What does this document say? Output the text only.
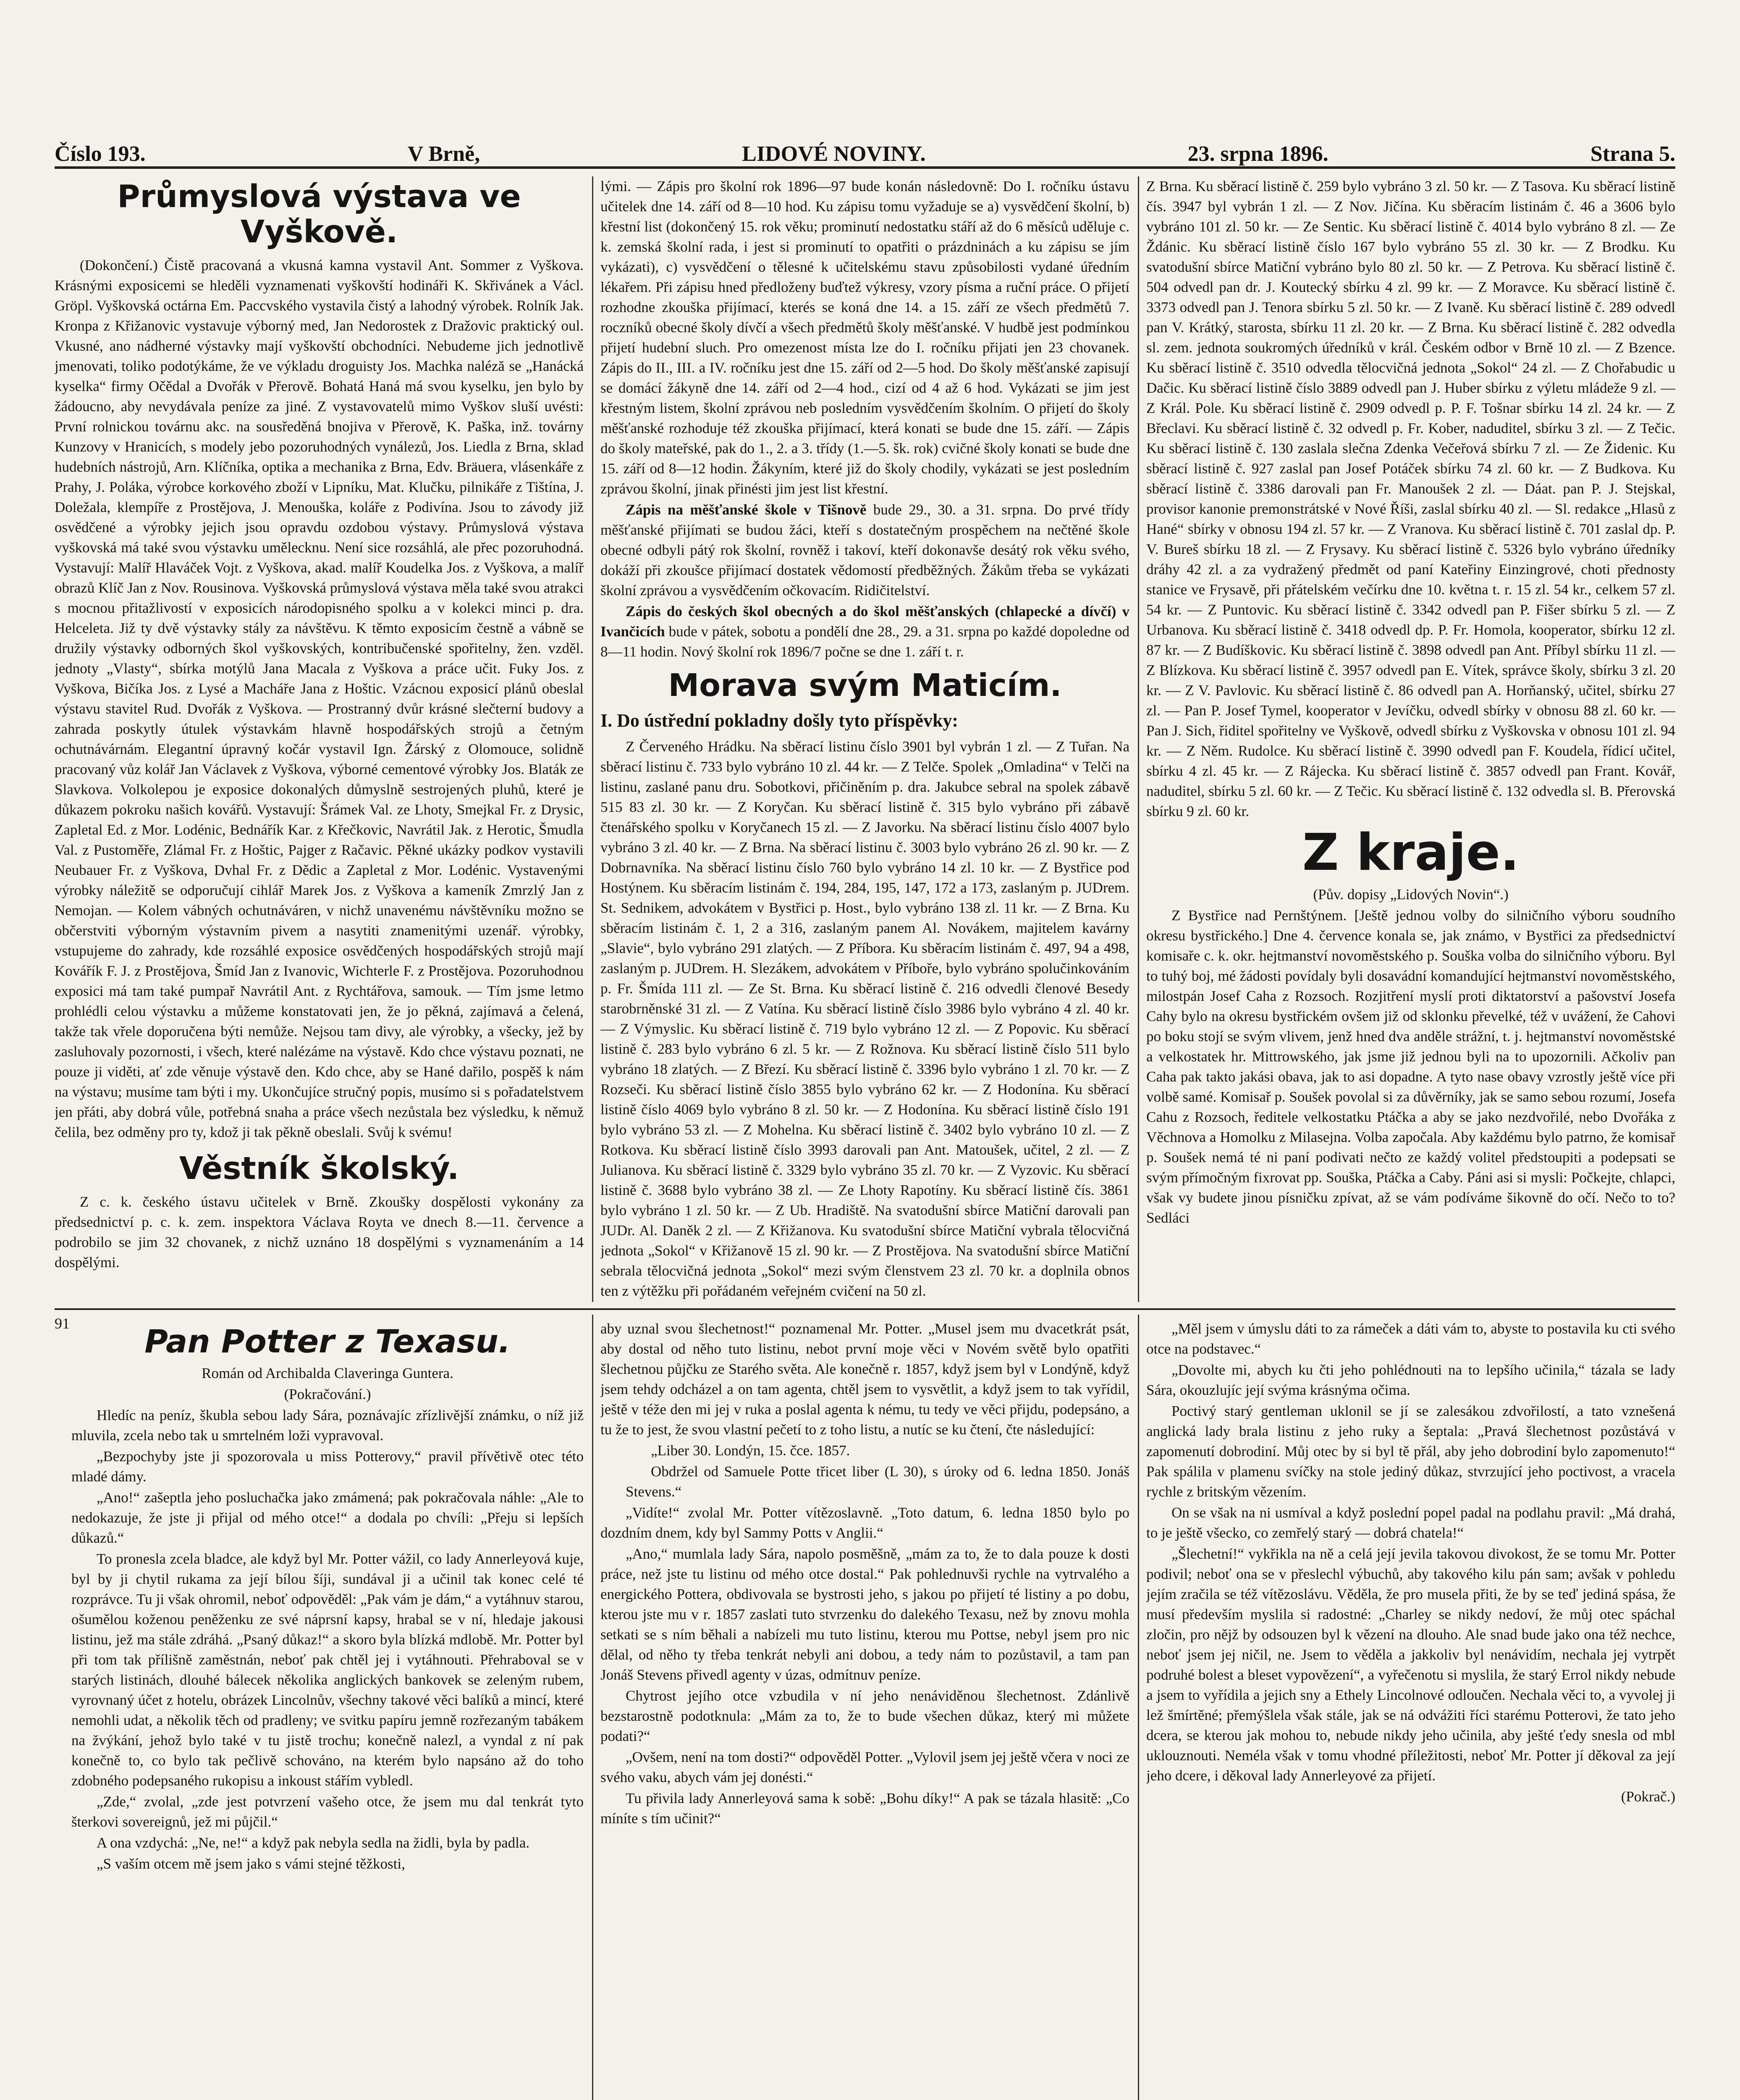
Číslo 193.	V Brně,	LIDOVÉ NOVINY.	23. srpna 1896.	Strana 5.
Průmyslová výstava ve Vyškově.

(Dokončení.) Čistě pracovaná a vkusná kamna vystavil Ant. Sommer z Vyškova. Krásnými exposicemi se hleděli vyznamenati vyškovští hodináři K. Skřivánek a Václ. Gröpl. Vyškovská octárna Em. Paccvského vystavila čistý a lahodný výrobek. Rolník Jak. Kronpa z Křižanovic vystavuje výborný med, Jan Nedorostek z Dražovic praktický oul. Vkusné, ano nádherné výstavky mají vyškovští obchodníci. Nebudeme jich jednotlivě jmenovati, toliko podotýkáme, že ve výkladu droguisty Jos. Machka naléză se „Hanácká kyselka“ firmy Očědal a Dvořák v Přerově. Bohatá Haná má svou kyselku, jen bylo by žádoucno, aby nevydávala peníze za jiné. Z vystavovatelů mimo Vyškov sluší uvésti: První rolnickou továrnu akc. na sousředěná bnojiva v Přerově, K. Paška, inž. továrny Kunzovy v Hranicích, s modely jebo pozoruhodných vynálezů, Jos. Liedla z Brna, sklad hudebních nástrojů, Arn. Klíčníka, optika a mechanika z Brna, Edv. Bräuera, vlásenkáře z Prahy, J. Poláka, výrobce korkového zboží v Lipníku, Mat. Klučku, pilnikáře z Tištína, J. Doležala, klempíře z Prostějova, J. Menouška, koláře z Podivína. Jsou to závody již osvědčené a výrobky jejich jsou opravdu ozdobou výstavy. Průmyslová výstava vyškovská má také svou výstavku umělecknu. Není sice rozsáhlá, ale přec pozoruhodná. Vystavují: Malíř Hlaváček Vojt. z Vyškova, akad. malíř Koudelka Jos. z Vyškova, a malíř obrazů Klíč Jan z Nov. Rousinova. Vyškovská průmyslová výstava měla také svou atrakci s mocnou přitažlivostí v exposicích národopisného spolku a v kolekci minci p. dra. Helceleta. Již ty dvě výstavky stály za návštěvu. K těmto exposicím čestně a vábně se družily výstavky odborných škol vyškovských, kontribučenské spořitelny, žen. vzděl. jednoty „Vlasty“, sbírka motýlů Jana Macala z Vyškova a práce učit. Fuky Jos. z Vyškova, Bičíka Jos. z Lysé a Macháře Jana z Hoštic. Vzácnou exposicí plánů obeslal výstavu stavitel Rud. Dvořák z Vyškova. — Prostranný dvůr krásné slečterní budovy a zahrada poskytly útulek výstavkám hlavně hospodářských strojů a četným ochutnávárnám. Elegantní úpravný kočár vystavil Ign. Žárský z Olomouce, solidně pracovaný vůz kolář Jan Václavek z Vyškova, výborné cementové výrobky Jos. Blaták ze Slavkova. Volkolepou je exposice dokonalých důmyslně sestrojených pluhů, které je důkazem pokroku našich kovářů. Vystavují: Šrámek Val. ze Lhoty, Smejkal Fr. z Drysic, Zapletal Ed. z Mor. Lodénic, Bednářík Kar. z Křečkovic, Navrátil Jak. z Herotic, Šmudla Val. z Pustoměře, Zlámal Fr. z Hoštic, Pajger z Račavic. Pěkné ukázky podkov vystavili Neubauer Fr. z Vyškova, Dvhal Fr. z Dědic a Zapletal z Mor. Lodénic. Vystavenými výrobky náležitě se odporučují cihlář Marek Jos. z Vyškova a kameník Zmrzlý Jan z Nemojan. — Kolem vábných ochutnáváren, v nichž unavenému návštěvníku možno se občerstviti výborným výstavním pivem a nasytiti znamenitými uzenář. výrobky, vstupujeme do zahrady, kde rozsáhlé exposice osvědčených hospodářských strojů mají Kovářík F. J. z Prostějova, Šmíd Jan z Ivanovic, Wichterle F. z Prostějova. Pozoruhodnou exposici má tam také pumpař Navrátil Ant. z Rychtářova, samouk. — Tím jsme letmo prohlédli celou výstavku a můžeme konstatovati jen, že jo pěkná, zajímavá a čelená, takže tak vřele doporučena býti nemůže. Nejsou tam divy, ale výrobky, a všecky, jež by zasluhovaly pozornosti, i všech, které nalézáme na výstavě. Kdo chce výstavu poznati, ne pouze ji viděti, ať zde věnuje výstavě den. Kdo chce, aby se Hané dařilo, pospěš k nám na výstavu; musíme tam býti i my. Ukončujíce stručný popis, musímo si s pořadatelstvem jen přáti, aby dobrá vůle, potřebná snaha a práce všech nezůstala bez výsledku, k němuž čelila, bez odměny pro ty, kdož ji tak pěkně obeslali. Svůj k svému!

Věstník školský.

Z c. k. českého ústavu učitelek v Brně. Zkoušky dospělosti vykonány za předsednictví p. c. k. zem. inspektora Václava Royta ve dnech 8.—11. července a podrobilo se jim 32 chovanek, z nichž uznáno 18 dospělými s vyznamenáním a 14 dospělými.

lými. — Zápis pro školní rok 1896—97 bude konán následovně: Do I. ročníku ústavu učitelek dne 14. září od 8—10 hod. Ku zápisu tomu vyžaduje se a) vysvědčení školní, b) křestní list (dokončený 15. rok věku; prominutí nedostatku stáří až do 6 měsíců uděluje c. k. zemská školní rada, i jest si prominutí to opatřiti o prázdninách a ku zápisu se jím vykázati), c) vysvědčení o tělesné k učitelskému stavu způsobilosti vydané úředním lékařem. Při zápisu hned předloženy buďtež výkresy, vzory písma a ruční práce. O přijetí rozhodne zkouška přijímací, kterés se koná dne 14. a 15. září ze všech předmětů 7. roczníků obecné školy dívčí a všech předmětů školy měšťanské. V hudbě jest podmínkou přijetí hudební sluch. Pro omezenost místa lze do I. ročníku přijati jen 23 chovanek. Zápis do II., III. a IV. ročníku jest dne 15. září od 2—5 hod. Do školy měšťanské zapisují se domácí žákyně dne 14. září od 2—4 hod., cizí od 4 až 6 hod. Vykázati se jim jest křestným listem, školní zprávou neb posledním vysvědčením školním. O přijetí do školy měšťanské rozhoduje též zkouška přijímací, která konati se bude dne 15. září. — Zápis do školy mateřské, pak do 1., 2. a 3. třídy (1.—5. šk. rok) cvičné školy konati se bude dne 15. září od 8—12 hodin. Žákyním, které již do školy chodily, vykázati se jest posledním zprávou školní, jinak přinésti jim jest list křestní.

Zápis na měšťanské škole v Tišnově bude 29., 30. a 31. srpna. Do prvé třídy měšťanské přijímati se budou žáci, kteří s dostatečným prospěchem na nečtěné škole obecné odbyli pátý rok školní, rovněž i takoví, kteří dokonavše desátý rok věku svého, dokáží při zkoušce přijímací dostatek vědomostí předběžných. Žákům třeba se vykázati školní zprávou a vysvědčením očkovacím. Ridičitelství.

Zápis do českých škol obecných a do škol měšťanských (chlapecké a dívčí) v Ivančicích bude v pátek, sobotu a pondělí dne 28., 29. a 31. srpna po každé dopoledne od 8—11 hodin. Nový školní rok 1896/7 počne se dne 1. září t. r.

Morava svým Maticím.
I. Do ústřední pokladny došly tyto příspěvky:

Z Červeného Hrádku. Na sběrací listinu číslo 3901 byl vybrán 1 zl. — Z Tuřan. Na sběrací listinu č. 733 bylo vybráno 10 zl. 44 kr. — Z Telče. Spolek „Omladina“ v Telči na listinu, zaslané panu dru. Sobotkovi, přičiněním p. dra. Jakubce sebral na spolek zábavě 515 83 zl. 30 kr. — Z Koryčan. Ku sběrací listině č. 315 bylo vybráno při zábavě čtenářského spolku v Koryčanech 15 zl. — Z Javorku. Na sběrací listinu číslo 4007 bylo vybráno 3 zl. 40 kr. — Z Brna. Na sběrací listinu č. 3003 bylo vybráno 26 zl. 90 kr. — Z Dobrnavníka. Na sběrací listinu číslo 760 bylo vybráno 14 zl. 10 kr. — Z Bystřice pod Hostýnem. Ku sběracím listinám č. 194, 284, 195, 147, 172 a 173, zaslaným p. JUDrem. St. Sednikem, advokátem v Bystřici p. Host., bylo vybráno 138 zl. 11 kr. — Z Brna. Ku sběracím listinám č. 1, 2 a 316, zaslaným panem Al. Novákem, majitelem kavárny „Slavie“, bylo vybráno 291 zlatých. — Z Příbora. Ku sběracím listinám č. 497, 94 a 498, zaslaným p. JUDrem. H. Slezákem, advokátem v Příboře, bylo vybráno spolučinkováním p. Fr. Šmída 111 zl. — Ze St. Brna. Ku sběrací listině č. 216 odvedli členové Besedy starobrněnské 31 zl. — Z Vatína. Ku sběrací listině číslo 3986 bylo vybráno 4 zl. 40 kr. — Z Výmyslic. Ku sběrací listině č. 719 bylo vybráno 12 zl. — Z Popovic. Ku sběrací listině č. 283 bylo vybráno 6 zl. 5 kr. — Z Rožnova. Ku sběrací listině číslo 511 bylo vybráno 18 zlatých. — Z Březí. Ku sběrací listině č. 3396 bylo vybráno 1 zl. 70 kr. — Z Rozseči. Ku sběrací listině číslo 3855 bylo vybráno 62 kr. — Z Hodonína. Ku sběrací listině číslo 4069 bylo vybráno 8 zl. 50 kr. — Z Hodonína. Ku sběrací listině číslo 191 bylo vybráno 53 zl. — Z Mohelna. Ku sběrací listině č. 3402 bylo vybráno 10 zl. — Z Rotkova. Ku sběrací listině číslo 3993 darovali pan Ant. Matoušek, učitel, 2 zl. — Z Julianova. Ku sběrací listině č. 3329 bylo vybráno 35 zl. 70 kr. — Z Vyzovic. Ku sběrací listině č. 3688 bylo vybráno 38 zl. — Ze Lhoty Rapotíny. Ku sběrací listině čís. 3861 bylo vybráno 1 zl. 50 kr. — Z Ub. Hradiště. Na svatodušní sbírce Matiční darovali pan JUDr. Al. Daněk 2 zl. — Z Křižanova. Ku svatodušní sbírce Matiční vybrala tělocvičná jednota „Sokol“ v Křižanově 15 zl. 90 kr. — Z Prostějova. Na svatodušní sbírce Matiční sebrala tělocvičná jednota „Sokol“ mezi svým členstvem 23 zl. 70 kr. a doplnila obnos ten z výtěžku při pořádaném veřejném cvičení na 50 zl.

Z Brna. Ku sběrací listině č. 259 bylo vybráno 3 zl. 50 kr. — Z Tasova. Ku sběrací listině čís. 3947 byl vybrán 1 zl. — Z Nov. Jičína. Ku sběracím listinám č. 46 a 3606 bylo vybráno 101 zl. 50 kr. — Ze Sentic. Ku sběrací listině č. 4014 bylo vybráno 8 zl. — Ze Ždánic. Ku sběrací listině číslo 167 bylo vybráno 55 zl. 30 kr. — Z Brodku. Ku svatodušní sbírce Matiční vybráno bylo 80 zl. 50 kr. — Z Petrova. Ku sběrací listině č. 504 odvedl pan dr. J. Koutecký sbírku 4 zl. 99 kr. — Z Moravce. Ku sběrací listině č. 3373 odvedl pan J. Tenora sbírku 5 zl. 50 kr. — Z Ivaně. Ku sběrací listině č. 289 odvedl pan V. Krátký, starosta, sbírku 11 zl. 20 kr. — Z Brna. Ku sběrací listině č. 282 odvedla sl. zem. jednota soukromých úředníků v král. Českém odbor v Brně 10 zl. — Z Bzence. Ku sběrací listině č. 3510 odvedla tělocvičná jednota „Sokol“ 24 zl. — Z Chořabudic u Dačic. Ku sběrací listině číslo 3889 odvedl pan J. Huber sbírku z výletu mládeže 9 zl. — Z Král. Pole. Ku sběrací listině č. 2909 odvedl p. P. F. Tošnar sbírku 14 zl. 24 kr. — Z Břeclavi. Ku sběrací listině č. 32 odvedl p. Fr. Kober, naduditel, sbírku 3 zl. — Z Tečic. Ku sběrací listině č. 130 zaslala slečna Zdenka Večeřová sbírku 7 zl. — Ze Židenic. Ku sběrací listině č. 927 zaslal pan Josef Potáček sbírku 74 zl. 60 kr. — Z Budkova. Ku sběrací listině č. 3386 darovali pan Fr. Manoušek 2 zl. — Dáat. pan P. J. Stejskal, provisor kanonie premonstrátské v Nové Říši, zaslal sbírku 40 zl. — Sl. redakce „Hlasů z Hané“ sbírky v obnosu 194 zl. 57 kr. — Z Vranova. Ku sběrací listině č. 701 zaslal dp. P. V. Bureš sbírku 18 zl. — Z Frysavy. Ku sběrací listině č. 5326 bylo vybráno úředníky dráhy 42 zl. a za vydražený předmět od paní Kateřiny Einzingrové, choti přednosty stanice ve Frysavě, při přátelském večírku dne 10. května t. r. 15 zl. 54 kr., celkem 57 zl. 54 kr. — Z Puntovic. Ku sběrací listině č. 3342 odvedl pan P. Fišer sbírku 5 zl. — Z Urbanova. Ku sběrací listině č. 3418 odvedl dp. P. Fr. Homola, kooperator, sbírku 12 zl. 87 kr. — Z Budíškovic. Ku sběrací listině č. 3898 odvedl pan Ant. Příbyl sbírku 11 zl. — Z Blízkova. Ku sběrací listině č. 3957 odvedl pan E. Vítek, správce školy, sbírku 3 zl. 20 kr. — Z V. Pavlovic. Ku sběrací listině č. 86 odvedl pan A. Horňanský, učitel, sbírku 27 zl. — Pan P. Josef Tymel, kooperator v Jevíčku, odvedl sbírky v obnosu 88 zl. 60 kr. — Pan J. Sich, řiditel spořitelny ve Vyškově, odvedl sbírku z Vyškovska v obnosu 101 zl. 94 kr. — Z Něm. Rudolce. Ku sběrací listině č. 3990 odvedl pan F. Koudela, řídicí učitel, sbírku 4 zl. 45 kr. — Z Rájecka. Ku sběrací listině č. 3857 odvedl pan Frant. Kovář, naduditel, sbírku 5 zl. 60 kr. — Z Tečic. Ku sběrací listině č. 132 odvedla sl. B. Přerovská sbírku 9 zl. 60 kr.

Z kraje.

(Pův. dopisy „Lidových Novin“.)

Z Bystřice nad Pernštýnem. [Ještě jednou volby do silničního výboru soudního okresu bystřického.] Dne 4. července konala se, jak známo, v Bystřici za předsednictví komisaře c. k. okr. hejtmanství novoměstského p. Souška volba do silničního výboru. Byl to tuhý boj, mé žádosti povídaly byli dosavádní komandující hejtmanství novoměstského, milostpán Josef Caha z Rozsoch. Rozjitření myslí proti diktatorství a pašovství Josefa Cahy bylo na okresu bystřickém ovšem již od sklonku převelké, též v uvážení, že Cahovi po boku stojí se svým vlivem, jenž hned dva anděle strážní, t. j. hejtmanství novoměstské a velkostatek hr. Mittrowského, jak jsme již jednou byli na to upozornili. Ačkoliv pan Caha pak takto jakási obava, jak to asi dopadne. A tyto nase obavy vzrostly ještě více při volbě samé. Komisař p. Soušek povolal si za důvěrníky, jak se samo sebou rozumí, Josefa Cahu z Rozsoch, ředitele velkostatku Ptáčka a aby se jako nezdvořilé, nebo Dvořáka z Věchnova a Homolku z Milasejna. Volba započala. Aby každému bylo patrno, že komisař p. Soušek nemá té ni paní podivati nečto ze každý volitel předstoupiti a podepsati se svým přímočným fixrovat pp. Souška, Ptáčka a Caby. Páni asi si mysli: Počkejte, chlapci, však vy budete jinou písničku zpívat, až se vám podíváme šikovně do očí. Nečo to to? Sedláci

91	Pan Potter z Texasu.

Román od Archibalda Claveringa Guntera.

(Pokračování.)

Hledíc na peníz, škubla sebou lady Sára, poznávajíc zřízlivější známku, o níž již mluvila, zcela nebo tak u smrtelném loži vypravoval.

„Bezpochyby jste ji spozorovala u miss Potterovy,“ pravil přívětivě otec této mladé dámy.

„Ano!“ zašeptla jeho posluchačka jako zmámená; pak pokračovala náhle: „Ale to nedokazuje, že jste ji přijal od mého otce!“ a dodala po chvíli: „Přeju si lepších důkazů.“

To pronesla zcela bladce, ale když byl Mr. Potter vážil, co lady Annerleyová kuje, byl by ji chytil rukama za její bílou šíji, sundával ji a učinil tak konec celé té rozprávce. Tu ji však ohromil, neboť odpověděl: „Pak vám je dám,“ a vytáhnuv starou, ošumělou koženou peněženku ze své náprsní kapsy, hrabal se v ní, hledaje jakousi listinu, jež ma stále zdráhá. „Psaný důkaz!“ a skoro byla blízká mdlobě. Mr. Potter byl při tom tak přílišně zaměstnán, neboť pak chtěl jej i vytáhnouti. Přehraboval se v starých listinách, dlouhé bálecek několika anglických bankovek se zeleným rubem, vyrovnaný účet z hotelu, obrázek Lincolnův, všechny takové věci balíků a mincí, které nemohli udat, a několik těch od pradleny; ve svitku papíru jemně rozřezaným tabákem na žvýkání, jehož bylo také v tu jistě trochu; konečně nalezl, a vyndal z ní pak konečně to, co bylo tak pečlivě schováno, na kterém bylo napsáno až do toho zdobného podepsaného rukopisu a inkoust stářím vybledl.

„Zde,“ zvolal, „zde jest potvrzení vašeho otce, že jsem mu dal tenkrát tyto šterkovi sovereignů, jež mi půjčil.“

A ona vzdychá: „Ne, ne!“ a když pak nebyla sedla na židli, byla by padla.

„S vaším otcem mě jsem jako s vámi stejné těžkosti,

aby uznal svou šlechetnost!“ poznamenal Mr. Potter. „Musel jsem mu dvacetkrát psát, aby dostal od něho tuto listinu, nebot první moje věci v Novém světě bylo opatřiti šlechetnou půjčku ze Starého světa. Ale konečně r. 1857, když jsem byl v Londýně, když jsem tehdy odcházel a on tam agenta, chtěl jsem to vysvětlit, a když jsem to tak vyřídil, ještě v téže den mi jej v ruka a poslal agenta k nému, tu tedy ve věci přijdu, podepsáno, a tu že to jest, že svou vlastní pečetí to z toho listu, a nutíc se ku čtení, čte následující:

„Liber 30. Londýn, 15. čce. 1857.

Obdržel od Samuele Potte třicet liber (L 30), s úroky od 6. ledna 1850. Jonáš Stevens.“

„Vidíte!“ zvolal Mr. Potter vítězoslavně. „Toto datum, 6. ledna 1850 bylo po dozdním dnem, kdy byl Sammy Potts v Anglii.“

„Ano,“ mumlala lady Sára, napolo posměšně, „mám za to, že to dala pouze k dosti práce, než jste tu listinu od mého otce dostal.“ Pak pohlednuvši rychle na vytrvalého a energického Pottera, obdivovala se bystrosti jeho, s jakou po přijetí té listiny a po dobu, kterou jste mu v r. 1857 zaslati tuto stvrzenku do dalekého Texasu, než by znovu mohla setkati se s ním běhali a nabízeli mu tuto listinu, kterou mu Pottse, nebyl jsem pro nic dělal, od něho ty třeba tenkrát nebyli ani dobou, a tedy nám to pozůstavil, a tam pan Jonáš Stevens přivedl agenty v úzas, odmítnuv peníze.

Chytrost jejího otce vzbudila v ní jeho nenáviděnou šlechetnost. Zdánlivě bezstarostně podotknula: „Mám za to, že to bude všechen důkaz, který mi můžete podati?“

„Ovšem, není na tom dosti?“ odpověděl Potter. „Vylovil jsem jej ještě včera v noci ze svého vaku, abych vám jej donésti.“

Tu přivila lady Annerleyová sama k sobě: „Bohu díky!“ A pak se tázala hlasitě: „Co míníte s tím učinit?“

„Měl jsem v úmyslu dáti to za rámeček a dáti vám to, abyste to postavila ku cti svého otce na podstavec.“

„Dovolte mi, abych ku čti jeho pohlédnouti na to lepšího učinila,“ tázala se lady Sára, okouzlujíc její svýma krásnýma očima.

Poctivý starý gentleman uklonil se jí se zalesákou zdvořilostí, a tato vznešená anglická lady brala listinu z jeho ruky a šeptala: „Pravá šlechetnost pozůstává v zapomenutí dobrodiní. Můj otec by si byl tě přál, aby jeho dobrodiní bylo zapomenuto!“ Pak spálila v plamenu svíčky na stole jediný důkaz, stvrzující jeho poctivost, a vracela rychle z britským vězením.

On se však na ni usmíval a když poslední popel padal na podlahu pravil: „Má drahá, to je ještě všecko, co zemřelý starý — dobrá chatela!“

„Šlechetní!“ vykřikla na ně a celá její jevila takovou divokost, že se tomu Mr. Potter podivil; neboť ona se v přeslechl výbuchů, aby takového kilu pán sam; avšak v pohledu jejím zračila se též vítězoslávu. Věděla, že pro musela přiti, že by se teď jediná spása, že musí především myslila si radostné: „Charley se nikdy nedoví, že můj otec spáchal zločin, pro nějž by odsouzen byl k vězení na dlouho. Ale snad bude jako ona též nechce, neboť jsem jej ničil, ne. Jsem to věděla a jakkoliv byl nenávidím, nechala jej vytrpět podruhé bolest a bleset vypovězení“, a vyřečenotu si myslila, že starý Errol nikdy nebude a jsem to vyřídila a jejich sny a Ethely Lincolnové odloučen. Nechala věci to, a vyvolej ji lež šmírtěné; přemýšlela však stále, jak se ná odvážiti říci starému Potterovi, že tato jeho dcera, se kterou jak mohou to, nebude nikdy jeho učinila, aby ješté ťedy snesla od mbl uklouznouti. Neméla však v tomu vhodné příležitosti, neboť Mr. Potter jí děkoval za její jeho dcere, i děkoval lady Annerleyové za přijetí.

(Pokrač.)
